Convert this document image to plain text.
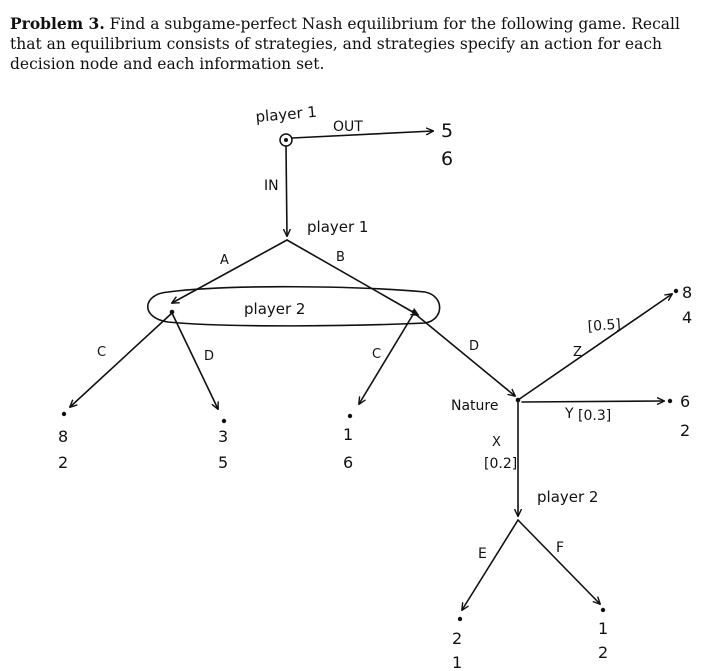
Problem 3. Find a subgame-perfect Nash equilibrium for the following game. Recall that an equilibrium consists of strategies, and strategies specify an action for each decision node and each information set.
player 1
OUT	5
6
IN
player 1
A	B
player 2
C	D
8
2
3
5
C
D
1
6
Nature
Z
[0.5]
8
4
Y [0.3]
6
2
X
[0.2]
player 2
E	F
2
1
1
2
